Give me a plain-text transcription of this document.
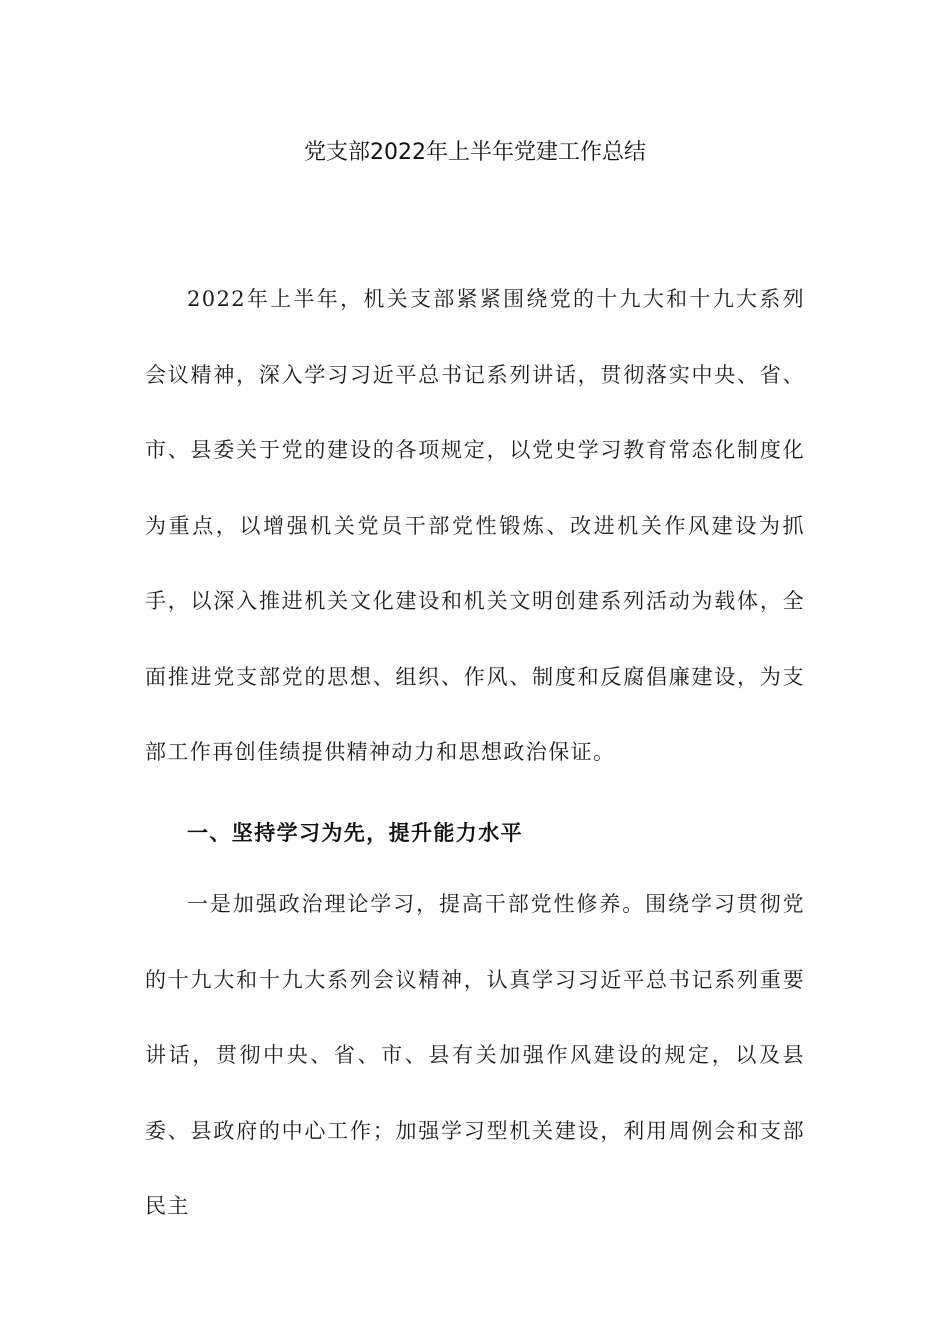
党支部2022年上半年党建工作总结

2022年上半年，机关支部紧紧围绕党的十九大和十九大系列会议精神，深入学习习近平总书记系列讲话，贯彻落实中央、省、市、县委关于党的建设的各项规定，以党史学习教育常态化制度化为重点，以增强机关党员干部党性锻炼、改进机关作风建设为抓手，以深入推进机关文化建设和机关文明创建系列活动为载体，全面推进党支部党的思想、组织、作风、制度和反腐倡廉建设，为支部工作再创佳绩提供精神动力和思想政治保证。

一、坚持学习为先，提升能力水平

一是加强政治理论学习，提高干部党性修养。围绕学习贯彻党的十九大和十九大系列会议精神，认真学习习近平总书记系列重要讲话，贯彻中央、省、市、县有关加强作风建设的规定，以及县委、县政府的中心工作；加强学习型机关建设，利用周例会和支部民主
